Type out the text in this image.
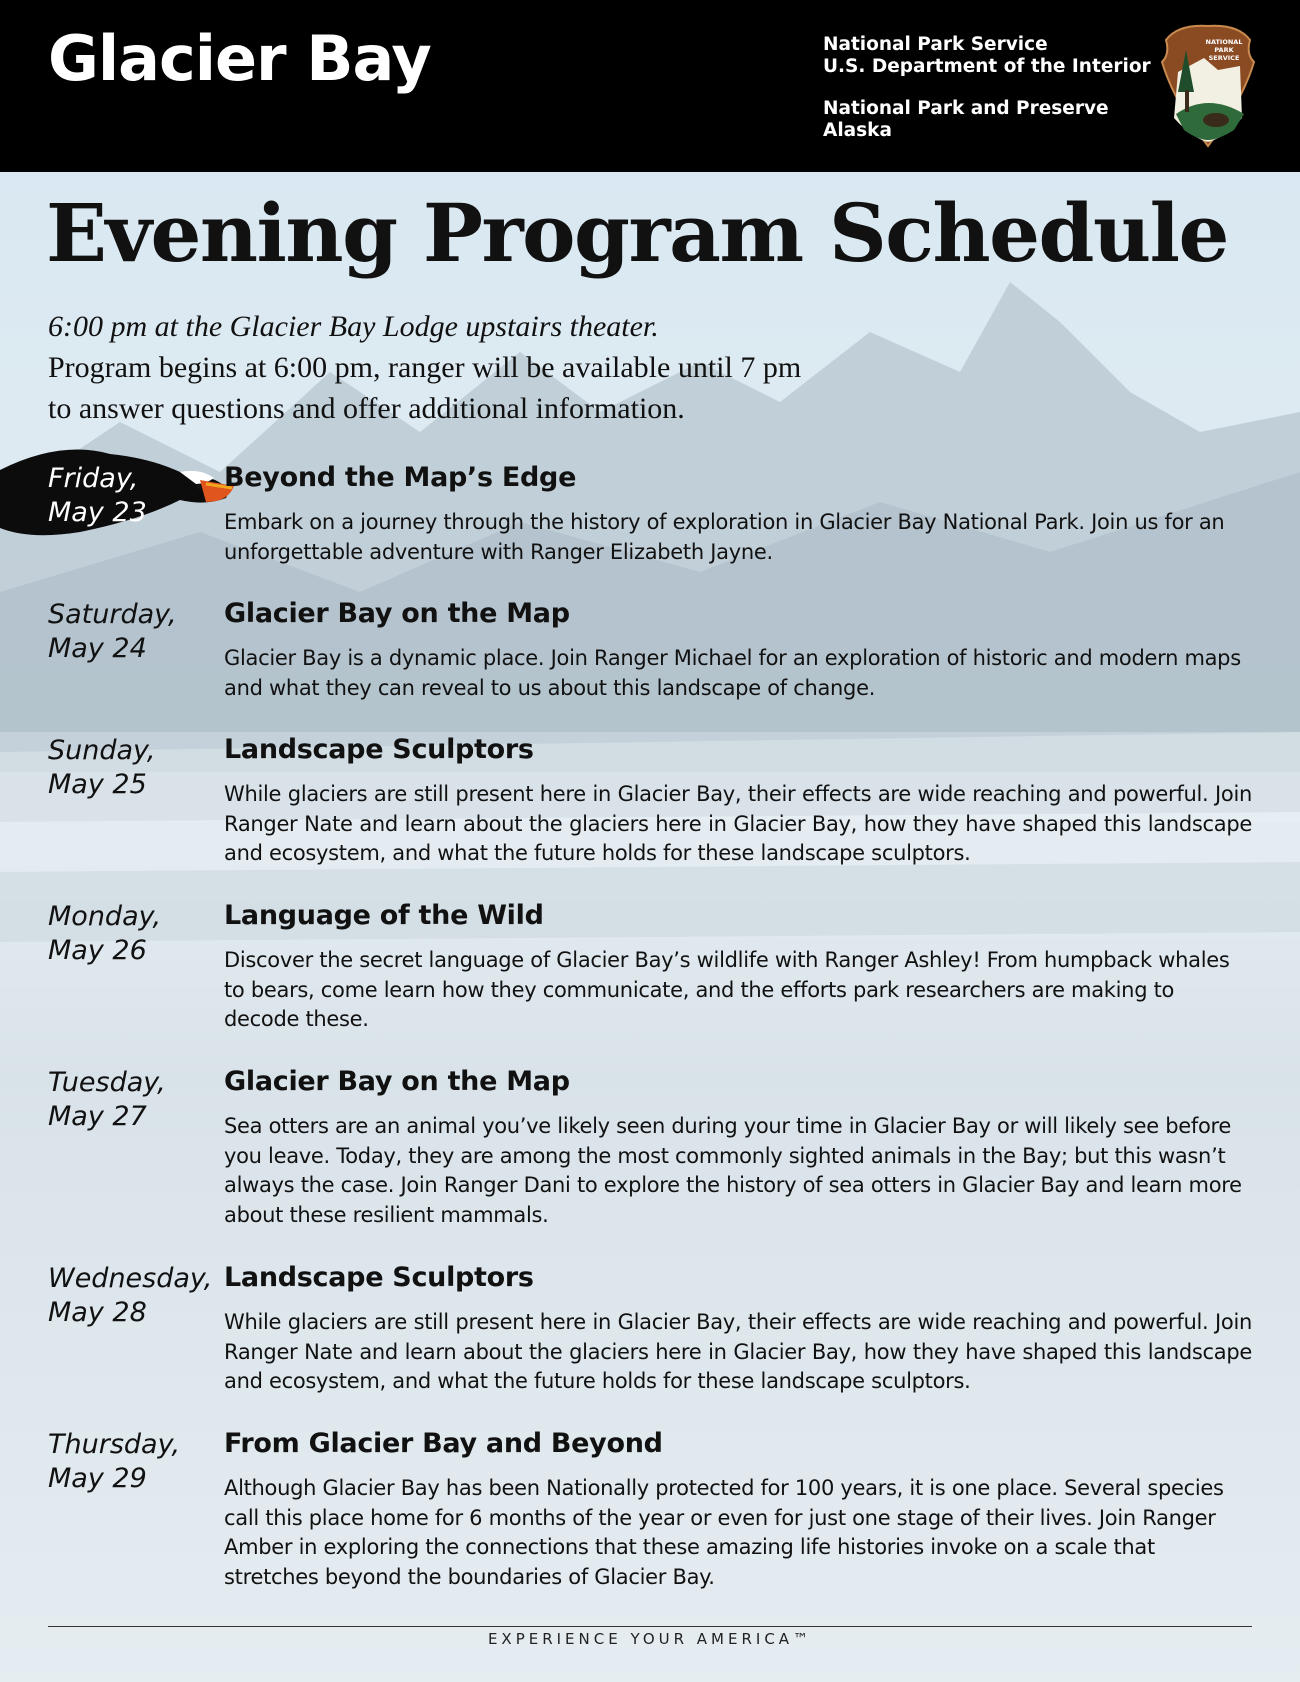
Glacier Bay	National Park Service
U.S. Department of the Interior
National Park and Preserve
Alaska
NATIONAL
PARK
SERVICE
Evening Program Schedule
6:00 pm at the Glacier Bay Lodge upstairs theater.
Program begins at 6:00 pm, ranger will be available until 7 pm
to answer questions and offer additional information.
Friday,
May 23
Beyond the Map’s Edge
Embark on a journey through the history of exploration in Glacier Bay National Park. Join us for an unforgettable adventure with Ranger Elizabeth Jayne.
Saturday,
May 24
Glacier Bay on the Map
Glacier Bay is a dynamic place. Join Ranger Michael for an exploration of historic and modern maps and what they can reveal to us about this landscape of change.
Sunday,
May 25
Landscape Sculptors
While glaciers are still present here in Glacier Bay, their effects are wide reaching and powerful. Join Ranger Nate and learn about the glaciers here in Glacier Bay, how they have shaped this landscape and ecosystem, and what the future holds for these landscape sculptors.
Monday,
May 26
Language of the Wild
Discover the secret language of Glacier Bay’s wildlife with Ranger Ashley! From humpback whales to bears, come learn how they communicate, and the efforts park researchers are making to decode these.
Tuesday,
May 27
Glacier Bay on the Map
Sea otters are an animal you’ve likely seen during your time in Glacier Bay or will likely see before you leave. Today, they are among the most commonly sighted animals in the Bay; but this wasn’t always the case. Join Ranger Dani to explore the history of sea otters in Glacier Bay and learn more about these resilient mammals.
Wednesday,
May 28
Landscape Sculptors
While glaciers are still present here in Glacier Bay, their effects are wide reaching and powerful. Join Ranger Nate and learn about the glaciers here in Glacier Bay, how they have shaped this landscape and ecosystem, and what the future holds for these landscape sculptors.
Thursday,
May 29
From Glacier Bay and Beyond
Although Glacier Bay has been Nationally protected for 100 years, it is one place. Several species call this place home for 6 months of the year or even for just one stage of their lives. Join Ranger Amber in exploring the connections that these amazing life histories invoke on a scale that stretches beyond the boundaries of Glacier Bay.
EXPERIENCE YOUR AMERICA™
